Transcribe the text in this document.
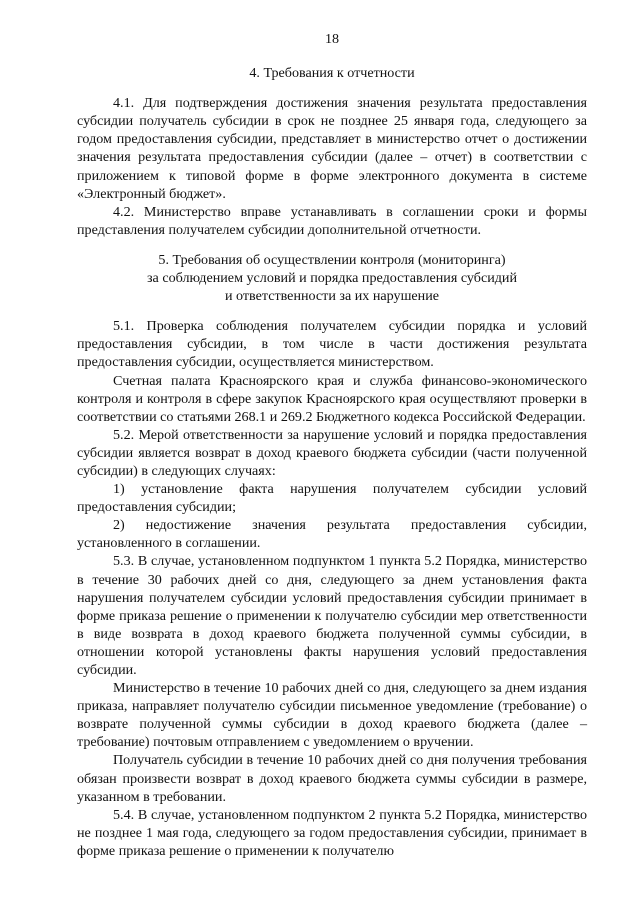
18
4. Требования к отчетности

4.1. Для подтверждения достижения значения результата предоставления субсидии получатель субсидии в срок не позднее 25 января года, следующего за годом предоставления субсидии, представляет в министерство отчет о достижении значения результата предоставления субсидии (далее – отчет) в соответствии с приложением к типовой форме в форме электронного документа в системе «Электронный бюджет».

4.2. Министерство вправе устанавливать в соглашении сроки и формы представления получателем субсидии дополнительной отчетности.

5. Требования об осуществлении контроля (мониторинга)
за соблюдением условий и порядка предоставления субсидий
и ответственности за их нарушение

5.1. Проверка соблюдения получателем субсидии порядка и условий предоставления субсидии, в том числе в части достижения результата предоставления субсидии, осуществляется министерством.

Счетная палата Красноярского края и служба финансово-экономического контроля и контроля в сфере закупок Красноярского края осуществляют проверки в соответствии со статьями 268.1 и 269.2 Бюджетного кодекса Российской Федерации.

5.2. Мерой ответственности за нарушение условий и порядка предоставления субсидии является возврат в доход краевого бюджета субсидии (части полученной субсидии) в следующих случаях:

1) установление факта нарушения получателем субсидии условий предоставления субсидии;

2) недостижение значения результата предоставления субсидии, установленного в соглашении.

5.3. В случае, установленном подпунктом 1 пункта 5.2 Порядка, министерство в течение 30 рабочих дней со дня, следующего за днем установления факта нарушения получателем субсидии условий предоставления субсидии принимает в форме приказа решение о применении к получателю субсидии мер ответственности в виде возврата в доход краевого бюджета полученной суммы субсидии, в отношении которой установлены факты нарушения условий предоставления субсидии.

Министерство в течение 10 рабочих дней со дня, следующего за днем издания приказа, направляет получателю субсидии письменное уведомление (требование) о возврате полученной суммы субсидии в доход краевого бюджета (далее – требование) почтовым отправлением с уведомлением о вручении.

Получатель субсидии в течение 10 рабочих дней со дня получения требования обязан произвести возврат в доход краевого бюджета суммы субсидии в размере, указанном в требовании.

5.4. В случае, установленном подпунктом 2 пункта 5.2 Порядка, министерство не позднее 1 мая года, следующего за годом предоставления субсидии, принимает в форме приказа решение о применении к получателю
